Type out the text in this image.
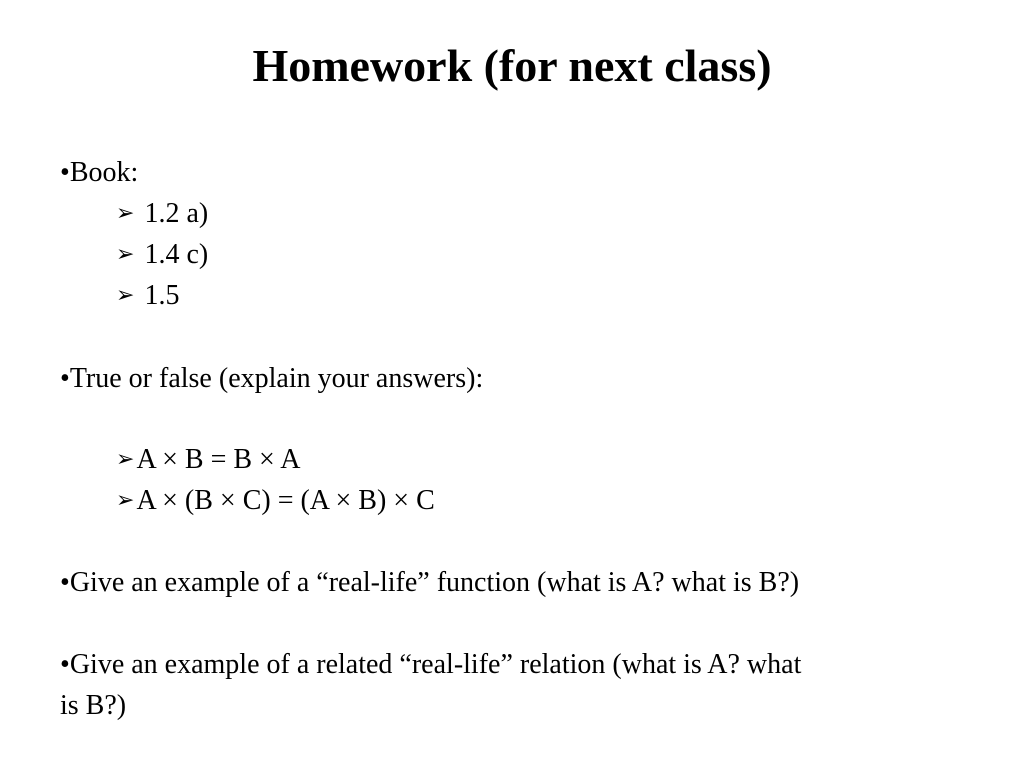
Homework (for next class)
•Book:
➢ 1.2 a)
➢ 1.4 c)
➢ 1.5
•True or false (explain your answers):
➢A × B = B × A
➢A × (B × C) = (A × B) × C
•Give an example of a “real-life” function (what is A? what is B?)
•Give an example of a related “real-life” relation (what is A? what
is B?)
